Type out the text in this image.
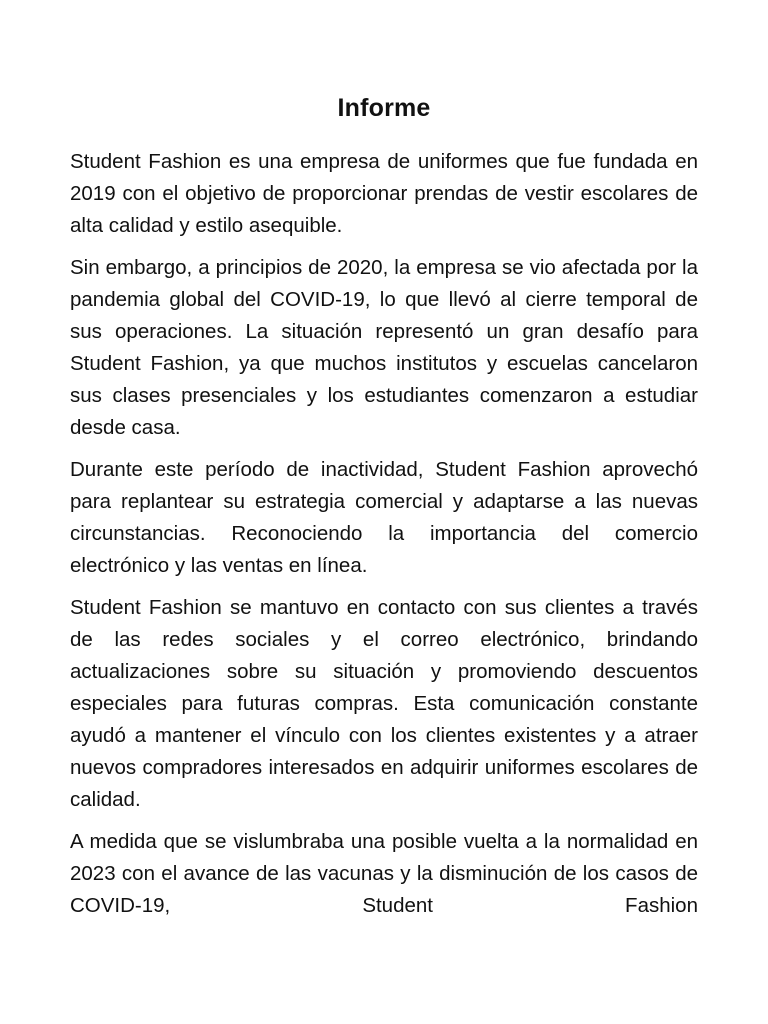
Informe

Student Fashion es una empresa de uniformes que fue fundada en 2019 con el objetivo de proporcionar prendas de vestir escolares de alta calidad y estilo asequible.

Sin embargo, a principios de 2020, la empresa se vio afectada por la pandemia global del COVID-19, lo que llevó al cierre temporal de sus operaciones. La situación representó un gran desafío para Student Fashion, ya que muchos institutos y escuelas cancelaron sus clases presenciales y los estudiantes comenzaron a estudiar desde casa.

Durante este período de inactividad, Student Fashion aprovechó para replantear su estrategia comercial y adaptarse a las nuevas circunstancias. Reconociendo la importancia del comercio electrónico y las ventas en línea.

Student Fashion se mantuvo en contacto con sus clientes a través de las redes sociales y el correo electrónico, brindando actualizaciones sobre su situación y promoviendo descuentos especiales para futuras compras. Esta comunicación constante ayudó a mantener el vínculo con los clientes existentes y a atraer nuevos compradores interesados en adquirir uniformes escolares de calidad.

A medida que se vislumbraba una posible vuelta a la normalidad en 2023 con el avance de las vacunas y la disminución de los casos de COVID-19, Student Fashion
